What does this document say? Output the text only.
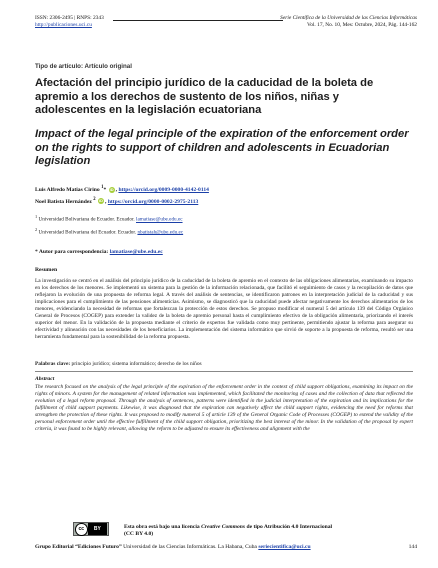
ISSN: 2306-2495 | RNPS: 2343
http://publicaciones.uci.cu
Serie Científica de la Universidad de las Ciencias Informáticas
Vol. 17, No. 10, Mes: Octubre, 2024, Pág. 144-162
Tipo de artículo: Artículo original
Afectación del principio jurídico de la caducidad de la boleta de apremio a los derechos de sustento de los niños, niñas y adolescentes en la legislación ecuatoriana
Impact of the legal principle of the expiration of the enforcement order on the rights to support of children and adolescents in Ecuadorian legislation
Luis Alfredo Matias Cirino $^1$* iD , https://orcid.org/0009-0000-4142-0114
Noel Batista Hernández $^2$ iD , https://orcid.org/0000-0002-2975-2113
$^1$ Universidad Bolivariana de Ecuador. Ecuador. lamatiase@ube.edu.ec
$^2$ Universidad Bolivariana del Ecuador. Ecuador. nbatistah@ube.edu.ec
* Autor para correspondencia: lamatiase@ube.edu.ec
Resumen
La investigación se centró en el análisis del principio jurídico de la caducidad de la boleta de apremio en el contexto de las obligaciones alimentarias, examinando su impacto en los derechos de los menores. Se implementó un sistema para la gestión de la información relacionada, que facilitó el seguimiento de casos y la recopilación de datos que reflejaron la evolución de una propuesta de reforma legal. A través del análisis de sentencias, se identificaron patrones en la interpretación judicial de la caducidad y sus implicaciones para el cumplimiento de las pensiones alimenticias. Asimismo, se diagnosticó que la caducidad puede afectar negativamente los derechos alimentarios de los menores, evidenciando la necesidad de reformas que fortalezcan la protección de estos derechos. Se propuso modificar el numeral 5 del artículo 139 del Código Orgánico General de Procesos (COGEP) para extender la validez de la boleta de apremio personal hasta el cumplimiento efectivo de la obligación alimentaria, priorizando el interés superior del menor. En la validación de la propuesta mediante el criterio de expertos fue validada como muy pertinente, permitiendo ajustar la reforma para asegurar su efectividad y alineación con las necesidades de los beneficiarios. La implementación del sistema informático que sirvió de soporte a la propuesta de reforma, resultó ser una herramienta fundamental para la sostenibilidad de la reforma propuesta.
Palabras clave: principio jurídico; sistema informático; derecho de los niños
Abstract
The research focused on the analysis of the legal principle of the expiration of the enforcement order in the context of child support obligations, examining its impact on the rights of minors. A system for the management of related information was implemented, which facilitated the monitoring of cases and the collection of data that reflected the evolution of a legal reform proposal. Through the analysis of sentences, patterns were identified in the judicial interpretation of the expiration and its implications for the fulfillment of child support payments. Likewise, it was diagnosed that the expiration can negatively affect the child support rights, evidencing the need for reforms that strengthen the protection of these rights. It was proposed to modify numeral 5 of article 139 of the General Organic Code of Processes (COGEP) to extend the validity of the personal enforcement order until the effective fulfillment of the child support obligation, prioritizing the best interest of the minor. In the validation of the proposal by expert criteria, it was found to be highly relevant, allowing the reform to be adjusted to ensure its effectiveness and alignment with the
cc	BY	Esta obra está bajo una licencia Creative Commons de tipo Atribución 4.0 Internacional
(CC BY 4.0)
Grupo Editorial “Ediciones Futuro” Universidad de las Ciencias Informáticas. La Habana, Cuba seriecientifica@uci.cu	144
